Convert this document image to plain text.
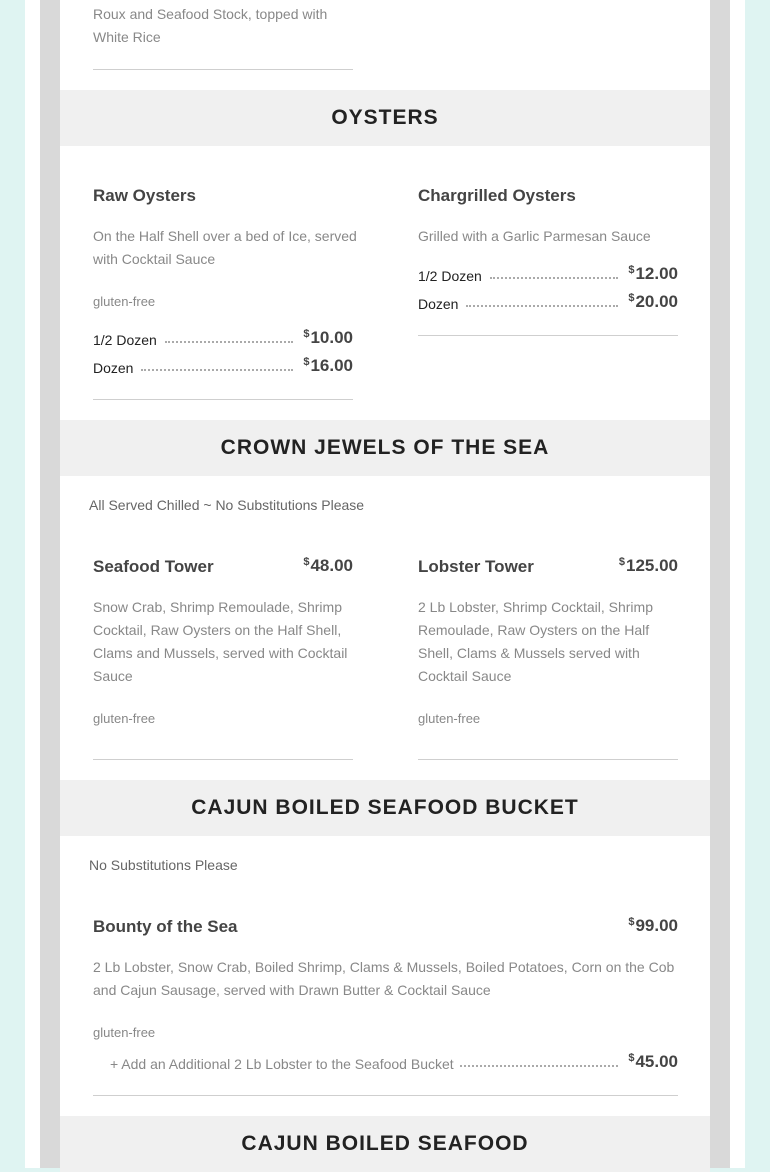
Roux and Seafood Stock, topped with White Rice
OYSTERS
Raw Oysters
On the Half Shell over a bed of Ice, served with Cocktail Sauce
gluten-free
1/2 Dozen	$10.00
Dozen	$16.00
Chargrilled Oysters
Grilled with a Garlic Parmesan Sauce
1/2 Dozen	$12.00
Dozen	$20.00
CROWN JEWELS OF THE SEA
All Served Chilled ~ No Substitutions Please
Seafood Tower	$48.00
Snow Crab, Shrimp Remoulade, Shrimp Cocktail, Raw Oysters on the Half Shell, Clams and Mussels, served with Cocktail Sauce
gluten-free
Lobster Tower	$125.00
2 Lb Lobster, Shrimp Cocktail, Shrimp Remoulade, Raw Oysters on the Half Shell, Clams & Mussels served with Cocktail Sauce
gluten-free
CAJUN BOILED SEAFOOD BUCKET
No Substitutions Please
Bounty of the Sea	$99.00
2 Lb Lobster, Snow Crab, Boiled Shrimp, Clams & Mussels, Boiled Potatoes, Corn on the Cob and Cajun Sausage, served with Drawn Butter & Cocktail Sauce
gluten-free
+ Add an Additional 2 Lb Lobster to the Seafood Bucket	$45.00
CAJUN BOILED SEAFOOD
